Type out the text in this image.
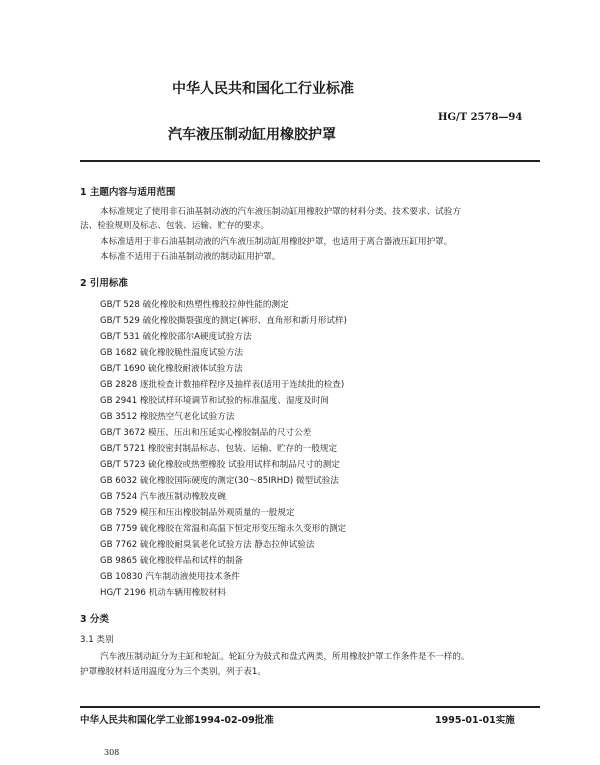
中华人民共和国化工行业标准
HG/T 2578—94
汽车液压制动缸用橡胶护罩
1 主题内容与适用范围
本标准规定了使用非石油基制动液的汽车液压制动缸用橡胶护罩的材料分类、技术要求、试验方
法、检验规则及标志、包装、运输、贮存的要求。
本标准适用于非石油基制动液的汽车液压制动缸用橡胶护罩，也适用于离合器液压缸用护罩。
本标准不适用于石油基制动液的制动缸用护罩。
2 引用标准
GB/T 528 硫化橡胶和热塑性橡胶拉伸性能的测定
GB/T 529 硫化橡胶撕裂强度的测定(裤形、直角形和新月形试样)
GB/T 531 硫化橡胶邵尔A硬度试验方法
GB 1682 硫化橡胶脆性温度试验方法
GB/T 1690 硫化橡胶耐液体试验方法
GB 2828 逐批检查计数抽样程序及抽样表(适用于连续批的检查)
GB 2941 橡胶试样环境调节和试验的标准温度、湿度及时间
GB 3512 橡胶热空气老化试验方法
GB/T 3672 模压、压出和压延实心橡胶制品的尺寸公差
GB/T 5721 橡胶密封制品标志、包装、运输、贮存的一般规定
GB/T 5723 硫化橡胶或热塑橡胶 试验用试样和制品尺寸的测定
GB 6032 硫化橡胶国际硬度的测定(30～85IRHD) 微型试验法
GB 7524 汽车液压制动橡胶皮碗
GB 7529 模压和压出橡胶制品外观质量的一般规定
GB 7759 硫化橡胶在常温和高温下恒定形变压缩永久变形的测定
GB 7762 硫化橡胶耐臭氧老化试验方法 静态拉伸试验法
GB 9865 硫化橡胶样品和试样的制备
GB 10830 汽车制动液使用技术条件
HG/T 2196 机动车辆用橡胶材料
3 分类
3.1 类别
汽车液压制动缸分为主缸和轮缸。轮缸分为鼓式和盘式两类，所用橡胶护罩工作条件是不一样的。
护罩橡胶材料适用温度分为三个类别，列于表1。
中华人民共和国化学工业部1994-02-09批准	1995-01-01实施
308
